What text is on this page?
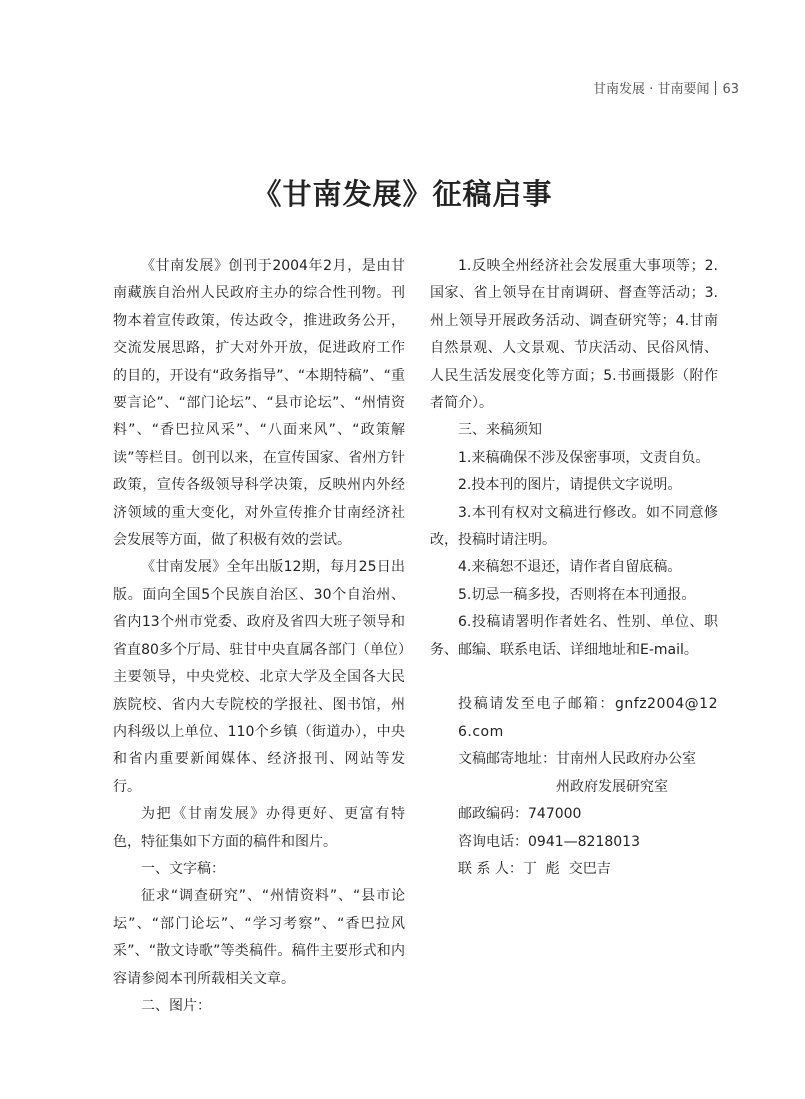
甘南发展 · 甘南要闻 63
《甘南发展》征稿启事

《甘南发展》创刊于2004年2月，是由甘南藏族自治州人民政府主办的综合性刊物。刊物本着宣传政策，传达政令，推进政务公开，交流发展思路，扩大对外开放，促进政府工作的目的，开设有“政务指导”、“本期特稿”、“重要言论”、“部门论坛”、“县市论坛”、“州情资料”、“香巴拉风采”、“八面来风”、“政策解读”等栏目。创刊以来，在宣传国家、省州方针政策，宣传各级领导科学决策，反映州内外经济领域的重大变化，对外宣传推介甘南经济社会发展等方面，做了积极有效的尝试。

《甘南发展》全年出版12期，每月25日出版。面向全国5个民族自治区、30个自治州、省内13个州市党委、政府及省四大班子领导和省直80多个厅局、驻甘中央直属各部门（单位）主要领导，中央党校、北京大学及全国各大民族院校、省内大专院校的学报社、图书馆，州内科级以上单位、110个乡镇（街道办），中央和省内重要新闻媒体、经济报刊、网站等发行。

为把《甘南发展》办得更好、更富有特色，特征集如下方面的稿件和图片。

一、文字稿：

征求“调查研究”、“州情资料”、“县市论坛”、“部门论坛”、“学习考察”、“香巴拉风采”、“散文诗歌”等类稿件。稿件主要形式和内容请参阅本刊所载相关文章。

二、图片：

1.反映全州经济社会发展重大事项等；2.国家、省上领导在甘南调研、督查等活动；3.州上领导开展政务活动、调查研究等；4.甘南自然景观、人文景观、节庆活动、民俗风情、人民生活发展变化等方面；5.书画摄影（附作者简介）。

三、来稿须知

1.来稿确保不涉及保密事项，文责自负。

2.投本刊的图片，请提供文字说明。

3.本刊有权对文稿进行修改。如不同意修改，投稿时请注明。

4.来稿恕不退还，请作者自留底稿。

5.切忌一稿多投，否则将在本刊通报。

6.投稿请署明作者姓名、性别、单位、职务、邮编、联系电话、详细地址和E-mail。

投稿请发至电子邮箱：gnfz2004@126.com

文稿邮寄地址：甘南州人民政府办公室

州政府发展研究室

邮政编码：747000

咨询电话：0941—8218013

联 系 人：丁  彪  交巴吉
